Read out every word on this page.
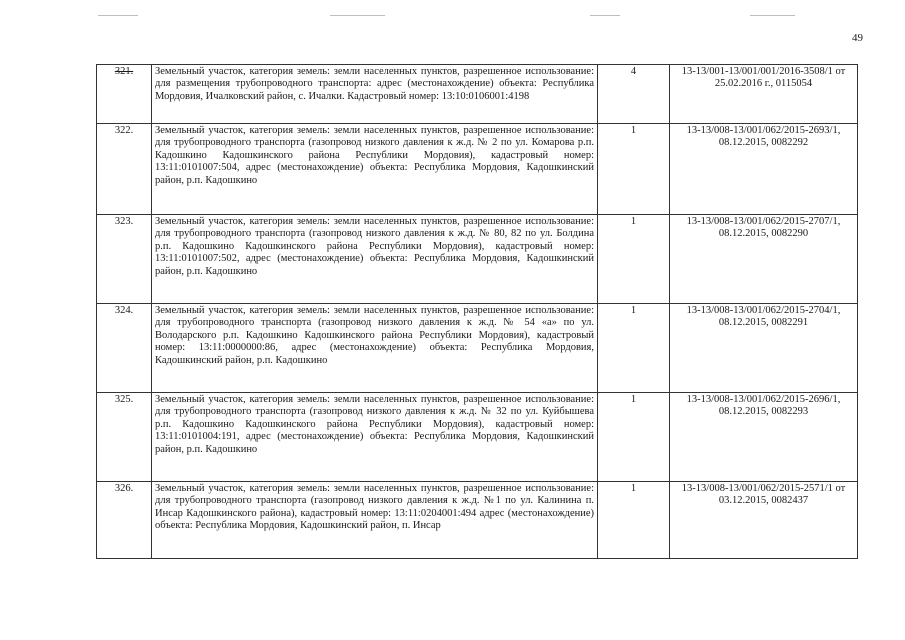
49
321.	Земельный участок, категория земель: земли населенных пунктов, разрешенное использование: для размещения трубопроводного транспорта: адрес (местонахождение) объекта: Республика Мордовия, Ичалковский район, с. Ичалки. Кадастровый номер: 13:10:0106001:4198	4	13-13/001-13/001/001/2016-3508/1 от 25.02.2016 г., 0115054
322.	Земельный участок, категория земель: земли населенных пунктов, разрешенное использование: для трубопроводного транспорта (газопровод низкого давления к ж.д. № 2 по ул. Комарова р.п. Кадошкино Кадошкинского района Республики Мордовия), кадастровый номер: 13:11:0101007:504, адрес (местонахождение) объекта: Республика Мордовия, Кадошкинский район, р.п. Кадошкино	1	13-13/008-13/001/062/2015-2693/1, 08.12.2015, 0082292
323.	Земельный участок, категория земель: земли населенных пунктов, разрешенное использование: для трубопроводного транспорта (газопровод низкого давления к ж.д. № 80, 82 по ул. Болдина р.п. Кадошкино Кадошкинского района Республики Мордовия), кадастровый номер: 13:11:0101007:502, адрес (местонахождение) объекта: Республика Мордовия, Кадошкинский район, р.п. Кадошкино	1	13-13/008-13/001/062/2015-2707/1, 08.12.2015, 0082290
324.	Земельный участок, категория земель: земли населенных пунктов, разрешенное использование: для трубопроводного транспорта (газопровод низкого давления к ж.д. № 54 «а» по ул. Володарского р.п. Кадошкино Кадошкинского района Республики Мордовия), кадастровый номер: 13:11:0000000:86, адрес (местонахождение) объекта: Республика Мордовия, Кадошкинский район, р.п. Кадошкино	1	13-13/008-13/001/062/2015-2704/1, 08.12.2015, 0082291
325.	Земельный участок, категория земель: земли населенных пунктов, разрешенное использование: для трубопроводного транспорта (газопровод низкого давления к ж.д. № 32 по ул. Куйбышева р.п. Кадошкино Кадошкинского района Республики Мордовия), кадастровый номер: 13:11:0101004:191, адрес (местонахождение) объекта: Республика Мордовия, Кадошкинский район, р.п. Кадошкино	1	13-13/008-13/001/062/2015-2696/1, 08.12.2015, 0082293
326.	Земельный участок, категория земель: земли населенных пунктов, разрешенное использование: для трубопроводного транспорта (газопровод низкого давления к ж.д. №1 по ул. Калинина п. Инсар Кадошкинского района), кадастровый номер: 13:11:0204001:494 адрес (местонахождение) объекта: Республика Мордовия, Кадошкинский район, п. Инсар	1	13-13/008-13/001/062/2015-2571/1 от 03.12.2015, 0082437
